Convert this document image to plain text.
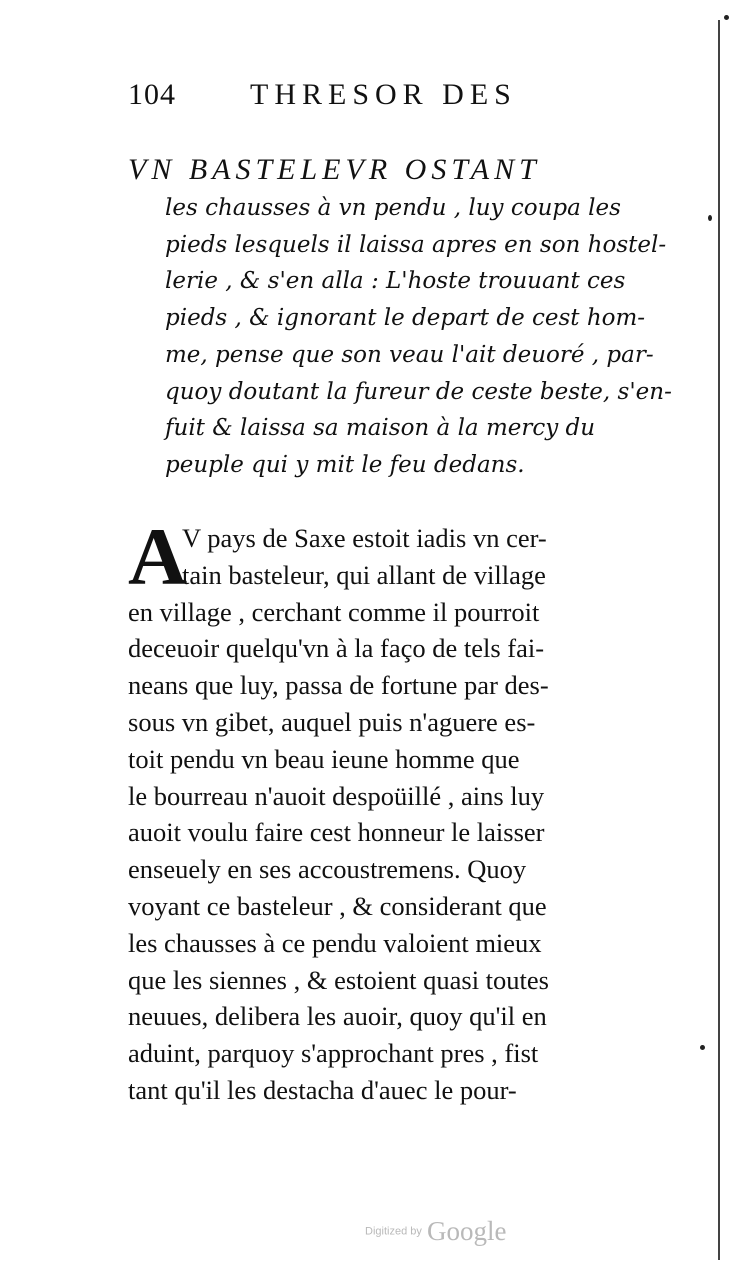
104 THRESOR DES
VN BASTELEVR OSTANT
les chausses à vn pendu , luy coupa les
pieds lesquels il laissa apres en son hostel-
lerie , & s'en alla : L'hoste trouuant ces
pieds , & ignorant le depart de cest hom-
me, pense que son veau l'ait deuoré , par-
quoy doutant la fureur de ceste beste, s'en-
fuit & laissa sa maison à la mercy du
peuple qui y mit le feu dedans.
A
V pays de Saxe estoit iadis vn cer-
tain basteleur, qui allant de village
en village , cerchant comme il pourroit
deceuoir quelqu'vn à la faço de tels fai-
neans que luy, passa de fortune par des-
sous vn gibet, auquel puis n'aguere es-
toit pendu vn beau ieune homme que
le bourreau n'auoit despoüillé , ains luy
auoit voulu faire cest honneur le laisser
enseuely en ses accoustremens. Quoy
voyant ce basteleur , & considerant que
les chausses à ce pendu valoient mieux
que les siennes , & estoient quasi toutes
neuues, delibera les auoir, quoy qu'il en
aduint, parquoy s'approchant pres , fist
tant qu'il les destacha d'auec le pour-
Digitized by Google
